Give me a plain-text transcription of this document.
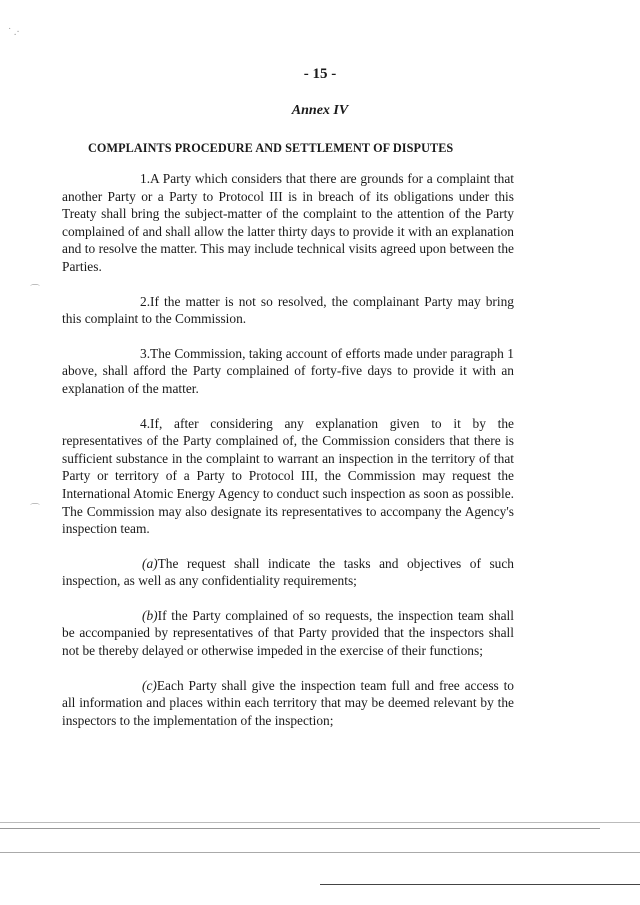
˙ .·
⌒
⌒
- 15 -
Annex IV
COMPLAINTS PROCEDURE AND SETTLEMENT OF DISPUTES

1.A Party which considers that there are grounds for a complaint that another Party or a Party to Protocol III is in breach of its obligations under this Treaty shall bring the subject-matter of the complaint to the attention of the Party complained of and shall allow the latter thirty days to provide it with an explanation and to resolve the matter. This may include technical visits agreed upon between the Parties.

2.If the matter is not so resolved, the complainant Party may bring this complaint to the Commission.

3.The Commission, taking account of efforts made under paragraph 1 above, shall afford the Party complained of forty-five days to provide it with an explanation of the matter.

4.If, after considering any explanation given to it by the representatives of the Party complained of, the Commission considers that there is sufficient substance in the complaint to warrant an inspection in the territory of that Party or territory of a Party to Protocol III, the Commission may request the International Atomic Energy Agency to conduct such inspection as soon as possible. The Commission may also designate its representatives to accompany the Agency's inspection team.

(a)The request shall indicate the tasks and objectives of such inspection, as well as any confidentiality requirements;

(b)If the Party complained of so requests, the inspection team shall be accompanied by representatives of that Party provided that the inspectors shall not be thereby delayed or otherwise impeded in the exercise of their functions;

(c)Each Party shall give the inspection team full and free access to all information and places within each territory that may be deemed relevant by the inspectors to the implementation of the inspection;
